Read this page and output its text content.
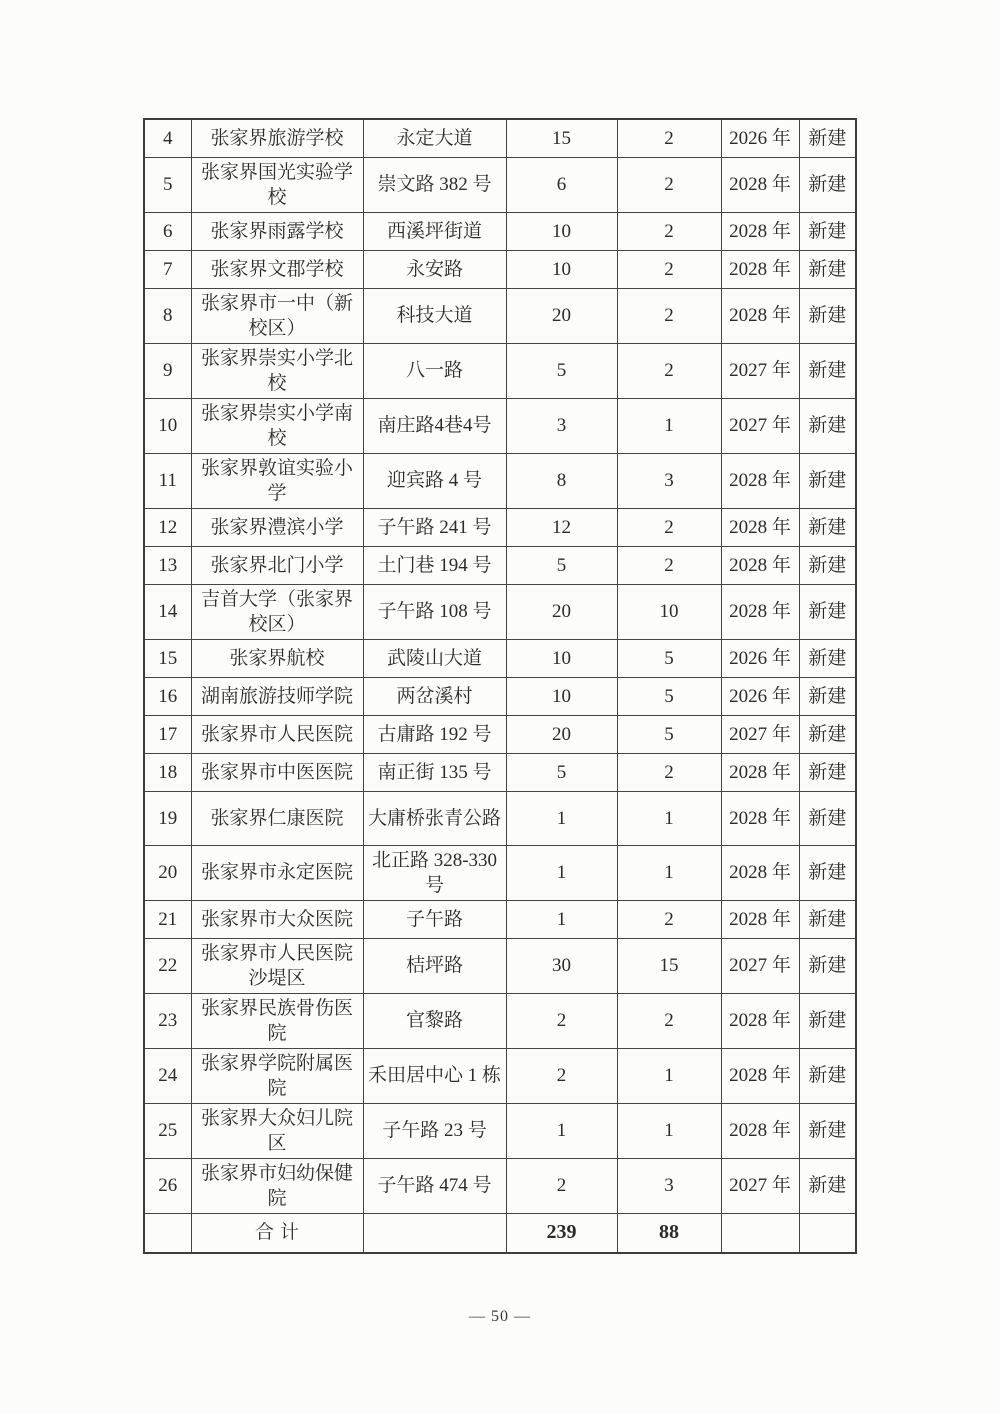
4	张家界旅游学校	永定大道	15	2	2026 年	新建
5	张家界国光实验学校	崇文路 382 号	6	2	2028 年	新建
6	张家界雨露学校	西溪坪街道	10	2	2028 年	新建
7	张家界文郡学校	永安路	10	2	2028 年	新建
8	张家界市一中（新校区）	科技大道	20	2	2028 年	新建
9	张家界崇实小学北校	八一路	5	2	2027 年	新建
10	张家界崇实小学南校	南庄路4巷4号	3	1	2027 年	新建
11	张家界敦谊实验小学	迎宾路 4 号	8	3	2028 年	新建
12	张家界澧滨小学	子午路 241 号	12	2	2028 年	新建
13	张家界北门小学	土门巷 194 号	5	2	2028 年	新建
14	吉首大学（张家界校区）	子午路 108 号	20	10	2028 年	新建
15	张家界航校	武陵山大道	10	5	2026 年	新建
16	湖南旅游技师学院	两岔溪村	10	5	2026 年	新建
17	张家界市人民医院	古庸路 192 号	20	5	2027 年	新建
18	张家界市中医医院	南正街 135 号	5	2	2028 年	新建
19	张家界仁康医院	大庸桥张青公路	1	1	2028 年	新建
20	张家界市永定医院	北正路 328-330 号	1	1	2028 年	新建
21	张家界市大众医院	子午路	1	2	2028 年	新建
22	张家界市人民医院沙堤区	桔坪路	30	15	2027 年	新建
23	张家界民族骨伤医院	官黎路	2	2	2028 年	新建
24	张家界学院附属医院	禾田居中心 1 栋	2	1	2028 年	新建
25	张家界大众妇儿院区	子午路 23 号	1	1	2028 年	新建
26	张家界市妇幼保健院	子午路 474 号	2	3	2027 年	新建
	合计		239	88		
— 50 —
